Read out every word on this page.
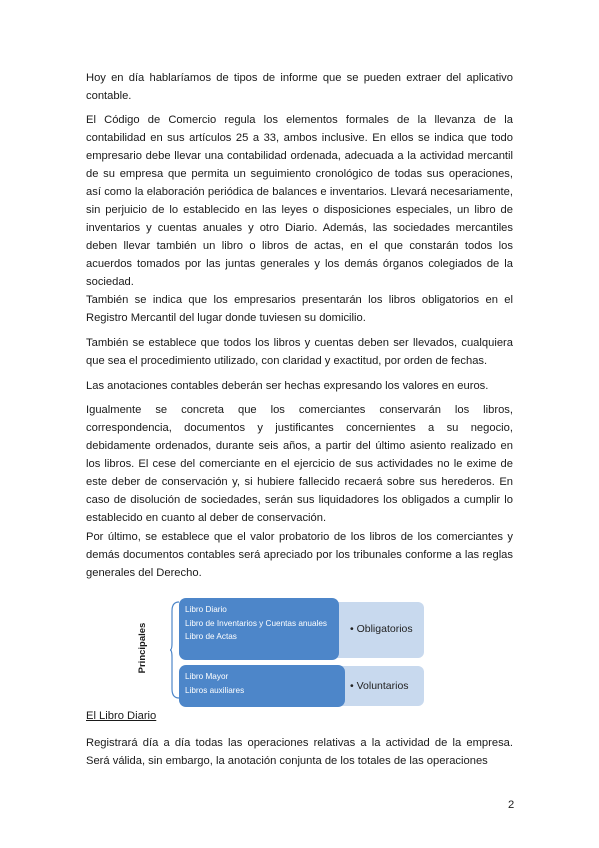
Hoy en día hablaríamos de tipos de informe que se pueden extraer del aplicativo contable.

El Código de Comercio regula los elementos formales de la llevanza de la contabilidad en sus artículos 25 a 33, ambos inclusive. En ellos se indica que todo empresario debe llevar una contabilidad ordenada, adecuada a la actividad mercantil de su empresa que permita un seguimiento cronológico de todas sus operaciones, así como la elaboración periódica de balances e inventarios. Llevará necesariamente, sin perjuicio de lo establecido en las leyes o disposiciones especiales, un libro de inventarios y cuentas anuales y otro Diario. Además, las sociedades mercantiles deben llevar también un libro o libros de actas, en el que constarán todos los acuerdos tomados por las juntas generales y los demás órganos colegiados de la sociedad.

También se indica que los empresarios presentarán los libros obligatorios en el Registro Mercantil del lugar donde tuviesen su domicilio.

También se establece que todos los libros y cuentas deben ser llevados, cualquiera que sea el procedimiento utilizado, con claridad y exactitud, por orden de fechas.

Las anotaciones contables deberán ser hechas expresando los valores en euros.

Igualmente se concreta que los comerciantes conservarán los libros, correspondencia, documentos y justificantes concernientes a su negocio, debidamente ordenados, durante seis años, a partir del último asiento realizado en los libros. El cese del comerciante en el ejercicio de sus actividades no le exime de este deber de conservación y, si hubiere fallecido recaerá sobre sus herederos. En caso de disolución de sociedades, serán sus liquidadores los obligados a cumplir lo establecido en cuanto al deber de conservación.

Por último, se establece que el valor probatorio de los libros de los comerciantes y demás documentos contables será apreciado por los tribunales conforme a las reglas generales del Derecho.

Principales
Libro Diario
Libro de Inventarios y Cuentas anuales
Libro de Actas
Libro Mayor
Libros auxiliares
• Obligatorios
• Voluntarios

El Libro Diario

Registrará día a día todas las operaciones relativas a la actividad de la empresa. Será válida, sin embargo, la anotación conjunta de los totales de las operaciones

2
